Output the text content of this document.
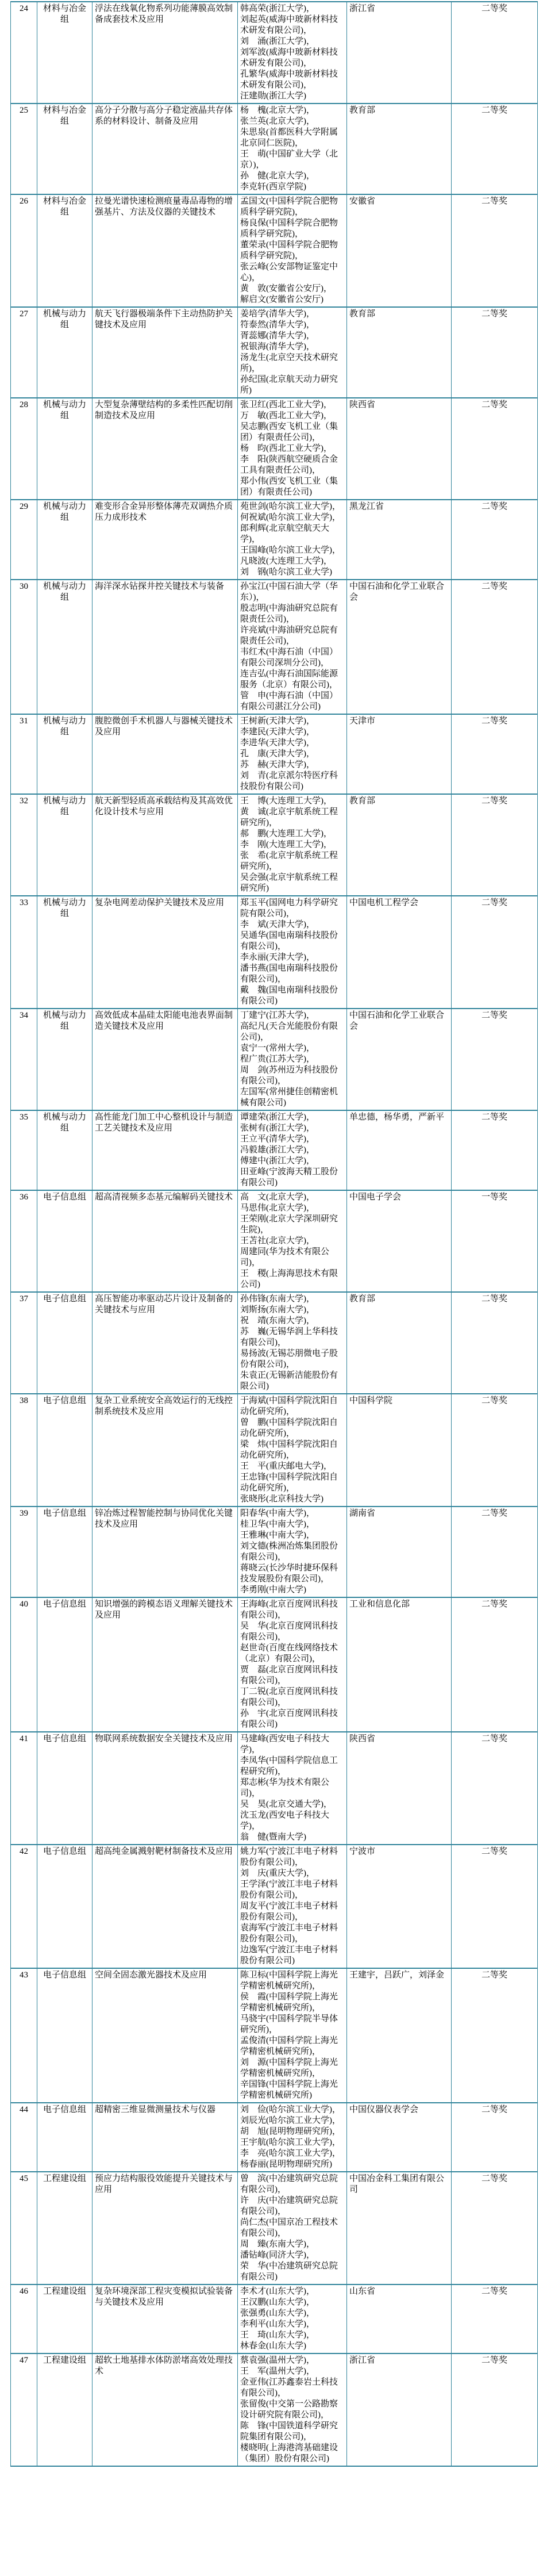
24	材料与冶金组	浮法在线氧化物系列功能薄膜高效制备成套技术及应用	
韩高荣(浙江大学)，
刘起英(威海中玻新材料技术研发有限公司)，
刘　涌(浙江大学)，
刘军波(威海中玻新材料技术研发有限公司)，
孔繁华(威海中玻新材料技术研发有限公司)，
汪建勋(浙江大学)
	浙江省	二等奖
25	材料与冶金组	高分子分散与高分子稳定液晶共存体系的材料设计、制备及应用	
杨　槐(北京大学)，
张兰英(北京大学)，
朱思泉(首都医科大学附属北京同仁医院)，
王　萌(中国矿业大学（北京）)，
孙　健(北京大学)，
李克轩(西京学院)
	教育部	二等奖
26	材料与冶金组	拉曼光谱快速检测痕量毒品毒物的增强基片、方法及仪器的关键技术	
孟国文(中国科学院合肥物质科学研究院)，
杨良保(中国科学院合肥物质科学研究院)，
董荣录(中国科学院合肥物质科学研究院)，
张云峰(公安部物证鉴定中心)，
黄　敦(安徽省公安厅)，
解启文(安徽省公安厅)
	安徽省	二等奖
27	机械与动力组	航天飞行器极端条件下主动热防护关键技术及应用	
姜培学(清华大学)，
符泰然(清华大学)，
胥蕊娜(清华大学)，
祝银海(清华大学)，
汤龙生(北京空天技术研究所)，
孙纪国(北京航天动力研究所)
	教育部	二等奖
28	机械与动力组	大型复杂薄壁结构的多柔性匹配切削制造技术及应用	
张卫红(西北工业大学)，
万　敏(西北工业大学)，
吴志鹏(西安飞机工业（集团）有限责任公司)，
杨　昀(西北工业大学)，
李　阳(陕西航空硬质合金工具有限责任公司)，
郑小伟(西安飞机工业（集团）有限责任公司)
	陕西省	二等奖
29	机械与动力组	难变形合金异形整体薄壳双调热介质压力成形技术	
苑世剑(哈尔滨工业大学)，
何祝斌(哈尔滨工业大学)，
郎利辉(北京航空航天大学)，
王国峰(哈尔滨工业大学)，
凡晓波(大连理工大学)，
刘　钢(哈尔滨工业大学)
	黑龙江省	二等奖
30	机械与动力组	海洋深水钻探井控关键技术与装备	孙宝江(中国石油大学（华东）)，
殷志明(中海油研究总院有限责任公司)，
许亮斌(中海油研究总院有限责任公司)，
韦红术(中海石油（中国）有限公司深圳分公司)，
连吉弘(中海石油国际能源服务（北京）有限公司)，
管　申(中海石油（中国）有限公司湛江分公司)
	中国石油和化学工业联合会	二等奖
31	机械与动力组	腹腔微创手术机器人与器械关键技术及应用	
王树新(天津大学)，
李建民(天津大学)，
李进华(天津大学)，
孔　康(天津大学)，
苏　赫(天津大学)，
刘　青(北京派尔特医疗科技股份有限公司)
	天津市	二等奖
32	机械与动力组	航天新型轻质高承载结构及其高效优化设计技术与应用	
王　博(大连理工大学)，
黄　诚(北京宇航系统工程研究所)，
郝　鹏(大连理工大学)，
李　刚(大连理工大学)，
张　希(北京宇航系统工程研究所)，
吴会强(北京宇航系统工程研究所)
	教育部	二等奖
33	机械与动力组	复杂电网差动保护关键技术及应用	郑玉平(国网电力科学研究院有限公司)，
李　斌(天津大学)，
吴通华(国电南瑞科技股份有限公司)，
李永丽(天津大学)，
潘书燕(国电南瑞科技股份有限公司)，
戴　魏(国电南瑞科技股份有限公司)
	中国电机工程学会	二等奖
34	机械与动力组	高效低成本晶硅太阳能电池表界面制造关键技术及应用	
丁建宁(江苏大学)，
高纪凡(天合光能股份有限公司)，
袁宁一(常州大学)，
程广贵(江苏大学)，
周　剑(苏州迈为科技股份有限公司)，
左国军(常州捷佳创精密机械有限公司)
	中国石油和化学工业联合会	二等奖
35	机械与动力组	高性能龙门加工中心整机设计与制造工艺关键技术及应用	
谭建荣(浙江大学)，
张树有(浙江大学)，
王立平(清华大学)，
冯毅雄(浙江大学)，
傅建中(浙江大学)，
田亚峰(宁波海天精工股份有限公司)
	单忠德，杨华勇，严新平	二等奖
36	电子信息组	超高清视频多态基元编解码关键技术	高　文(北京大学)，
马思伟(北京大学)，
王荣刚(北京大学深圳研究生院)，
王苫社(北京大学)，
周建同(华为技术有限公司)，
王　稷(上海海思技术有限公司)
	中国电子学会	一等奖
37	电子信息组	高压智能功率驱动芯片设计及制备的关键技术与应用	
孙伟锋(东南大学)，
刘斯扬(东南大学)，
祝　靖(东南大学)，
苏　巍(无锡华润上华科技有限公司)，
易扬波(无锡芯朋微电子股份有限公司)，
朱袁正(无锡新洁能股份有限公司)
	教育部	二等奖
38	电子信息组	复杂工业系统安全高效运行的无线控制系统技术及应用	
于海斌(中国科学院沈阳自动化研究所)，
曾　鹏(中国科学院沈阳自动化研究所)，
梁　炜(中国科学院沈阳自动化研究所)，
王　平(重庆邮电大学)，
王忠锋(中国科学院沈阳自动化研究所)，
张晓彤(北京科技大学)
	中国科学院	二等奖
39	电子信息组	锌冶炼过程智能控制与协同优化关键技术及应用	
阳春华(中南大学)，
桂卫华(中南大学)，
王雅琳(中南大学)，
刘文德(株洲冶炼集团股份有限公司)，
蒋晓云(长沙华时捷环保科技发展股份有限公司)，
李勇刚(中南大学)
	湖南省	二等奖
40	电子信息组	知识增强的跨模态语义理解关键技术及应用	
王海峰(北京百度网讯科技有限公司)，
吴　华(北京百度网讯科技有限公司)，
赵世奇(百度在线网络技术（北京）有限公司)，
贾　磊(北京百度网讯科技有限公司)，
丁二锐(北京百度网讯科技有限公司)，
孙　宇(北京百度网讯科技有限公司)
	工业和信息化部	二等奖
41	电子信息组	物联网系统数据安全关键技术及应用	马建峰(西安电子科技大学)，
李凤华(中国科学院信息工程研究所)，
郑志彬(华为技术有限公司)，
吴　昊(北京交通大学)，
沈玉龙(西安电子科技大学)，
翁　健(暨南大学)
	陕西省	二等奖
42	电子信息组	超高纯金属溅射靶材制备技术及应用	姚力军(宁波江丰电子材料股份有限公司)，
刘　庆(重庆大学)，
王学泽(宁波江丰电子材料股份有限公司)，
周友平(宁波江丰电子材料股份有限公司)，
袁海军(宁波江丰电子材料股份有限公司)，
边逸军(宁波江丰电子材料股份有限公司)
	宁波市	二等奖
43	电子信息组	空间全固态激光器技术及应用	陈卫标(中国科学院上海光学精密机械研究所)，
侯　霞(中国科学院上海光学精密机械研究所)，
马骁宇(中国科学院半导体研究所)，
孟俊清(中国科学院上海光学精密机械研究所)，
刘　源(中国科学院上海光学精密机械研究所)，
辛国锋(中国科学院上海光学精密机械研究所)
	王建宇，吕跃广，刘泽金	二等奖
44	电子信息组	超精密三维显微测量技术与仪器	刘　俭(哈尔滨工业大学)，
刘辰光(哈尔滨工业大学)，
胡　旭(昆明物理研究所)，
王宇航(哈尔滨工业大学)，
李　亮(哈尔滨工业大学)，
杨春丽(昆明物理研究所)
	中国仪器仪表学会	二等奖
45	工程建设组	预应力结构服役效能提升关键技术与应用	
曾　滨(中冶建筑研究总院有限公司)，
许　庆(中冶建筑研究总院有限公司)，
尚仁杰(中国京冶工程技术有限公司)，
周　臻(东南大学)，
潘钻峰(同济大学)，
荣　华(中冶建筑研究总院有限公司)
	中国冶金科工集团有限公司	二等奖
46	工程建设组	复杂环境深部工程灾变模拟试验装备与关键技术及应用	
李术才(山东大学)，
王汉鹏(山东大学)，
张强勇(山东大学)，
李利平(山东大学)，
王　琦(山东大学)，
林春金(山东大学)
	山东省	二等奖
47	工程建设组	超软土地基排水体防淤堵高效处理技术	
蔡袁强(温州大学)，
王　军(温州大学)，
金亚伟(江苏鑫泰岩土科技有限公司)，
张留俊(中交第一公路勘察设计研究院有限公司)，
陈　锋(中国铁道科学研究院集团有限公司)，
楼晓明(上海港湾基础建设（集团）股份有限公司)
	浙江省	二等奖
